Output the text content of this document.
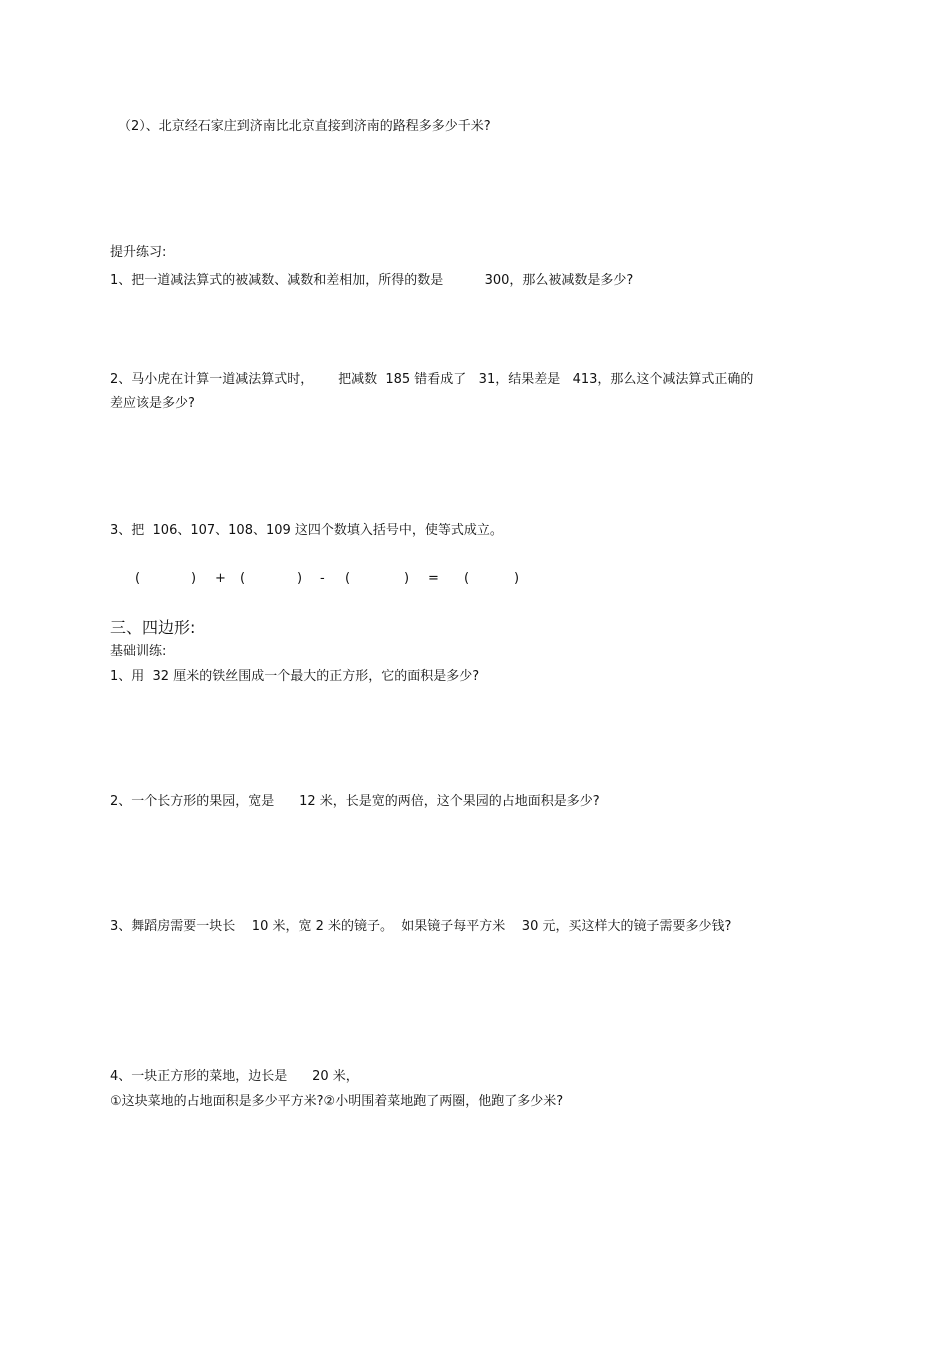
（2）、北京经石家庄到济南比北京直接到济南的路程多多少千米?
提升练习:
1、把一道减法算式的被减数、减数和差相加，所得的数是          300，那么被减数是多少?
2、马小虎在计算一道减法算式时，      把减数  185 错看成了   31，结果差是   413，那么这个减法算式正确的
差应该是多少?
3、把  106、107、108、109 这四个数填入括号中，使等式成立。
(	) + (	) - (	) = (	)
三、四边形:
基础训练:
1、用  32 厘米的铁丝围成一个最大的正方形，它的面积是多少?
2、一个长方形的果园，宽是      12 米，长是宽的两倍，这个果园的占地面积是多少?
3、舞蹈房需要一块长    10 米，宽 2 米的镜子。  如果镜子每平方米    30 元，买这样大的镜子需要多少钱?
4、一块正方形的菜地，边长是      20 米，
①这块菜地的占地面积是多少平方米?②小明围着菜地跑了两圈，他跑了多少米?
